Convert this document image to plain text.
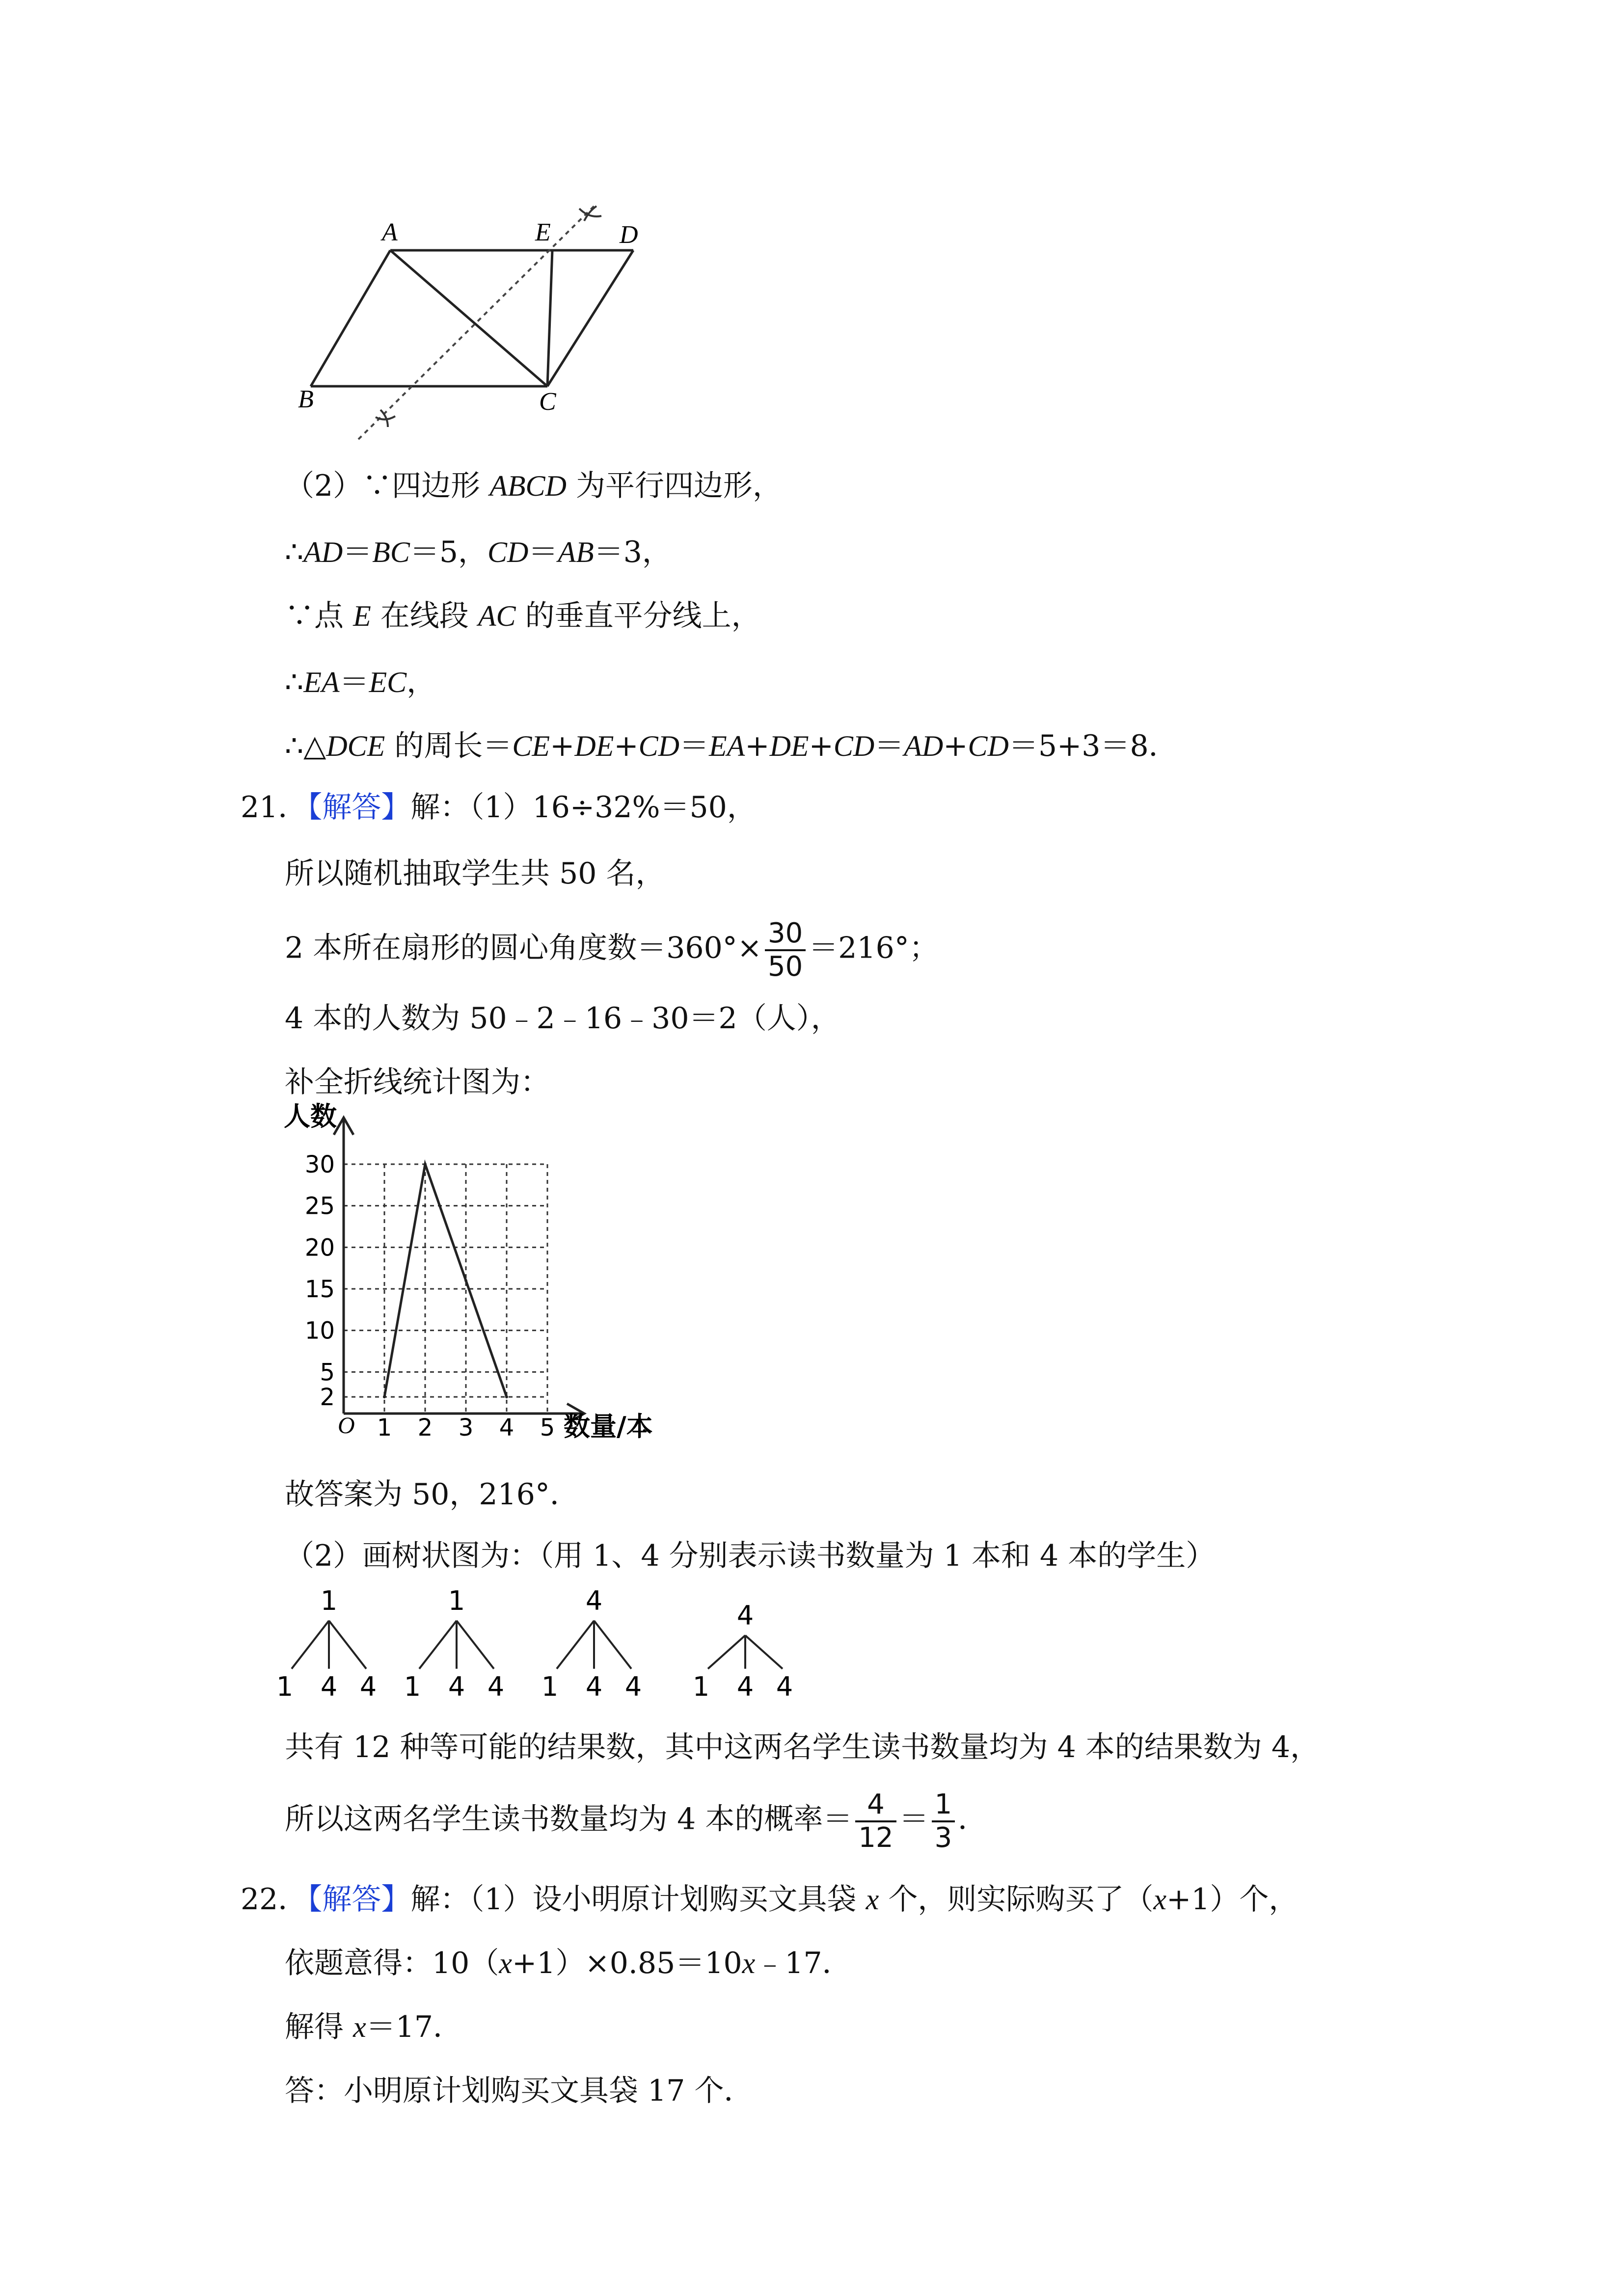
A
B	C
D
E
（2）∵四边形 ABCD 为平行四边形，
∴AD＝BC＝5，CD＝AB＝3，
∵点 E 在线段 AC 的垂直平分线上，
∴EA＝EC，
∴△DCE 的周长＝CE+DE+CD＝EA+DE+CD＝AD+CD＝5+3＝8．
21．【解答】解：（1）16÷32%＝50，
所以随机抽取学生共 50 名，
2 本所在扇形的圆心角度数$=360^\circ\times \frac{30}{50} =216^\circ$；
4 本的人数为 50﹣2﹣16﹣30＝2（人），
补全折线统计图为：
2
5
10
15
20
25
30
1 2 3 4 5
人数
数量/本
O
故答案为 50，216°．
（2）画树状图为：（用 1、4 分别表示读书数量为 1 本和 4 本的学生）
1
1 4 4
1
1 4 4
4
1 4 4
4
1 4 4
共有 12 种等可能的结果数，其中这两名学生读书数量均为 4 本的结果数为 4，
所以这两名学生读书数量均为 4 本的概率＝ $\frac{4}{12} = \frac{1}{3}$ ．
22．【解答】解：（1）设小明原计划购买文具袋 x 个，则实际购买了（x+1）个，
依题意得：10（x+1）×0.85＝10x﹣17．
解得 x＝17．
答：小明原计划购买文具袋 17 个．
